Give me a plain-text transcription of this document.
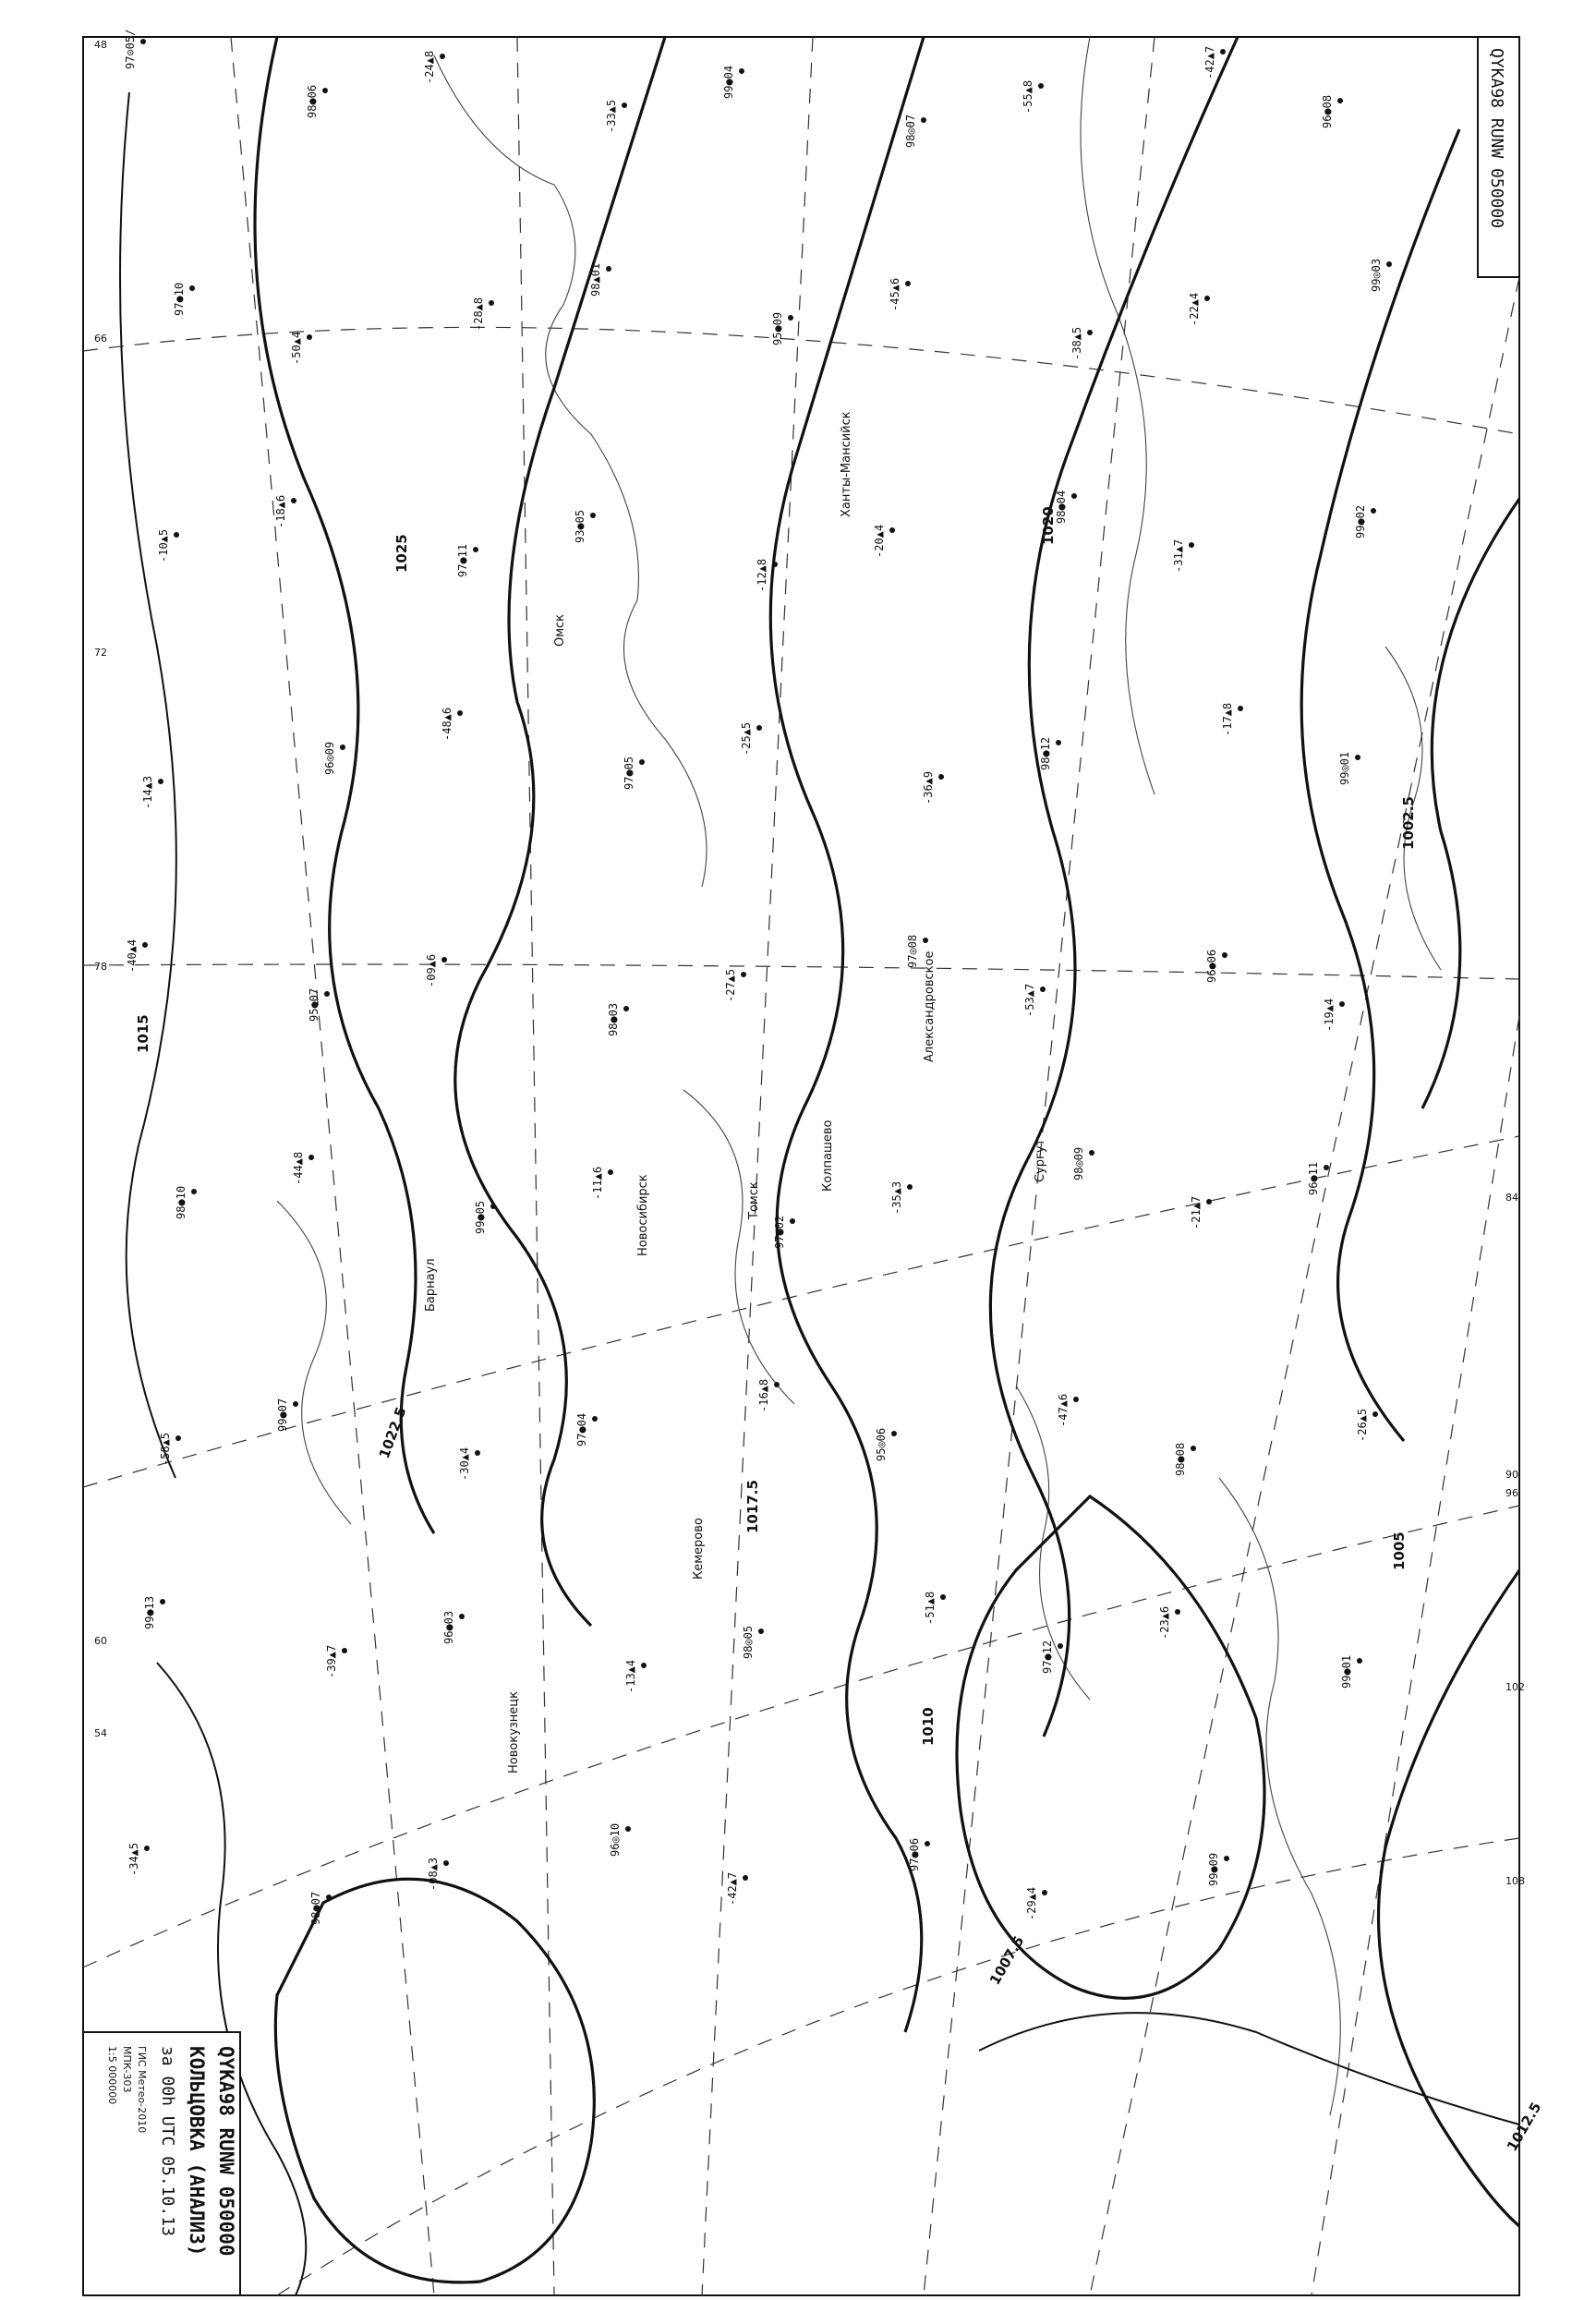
1020
1025
1015
1010
1005
1007.5
1002.5
1017.5
1012.5
1022.5
Александровское
Новосибирск
Барнаул
Омск
Томск
Колпашево
Ханты-Мансийск
Сургут
Кемерово
Новокузнецк
48
66
72
78
84
90
96
102
108
60
54
97⊙05/
98●06
-24▲8
-33▲5
99●04
98◎07
-55▲8
-42▲7
96●08
97●10
-50▲4
-28▲8
98▲01
95●09
-45▲6
-38▲5
-22▲4
99◎03
-10▲5
-18▲6
97●11
93●05
-12▲8
-20▲4
98●04
-31▲7
99●02
-14▲3
96◎09
-48▲6
97●05
-25▲5
-36▲9
98●12
-17▲8
99◎01
-40▲4
95●07
-09▲6
98●03
-27▲5
97◎08
-53▲7
96●06
-19▲4
98●10
-44▲8
99●05
-11▲6
97●02
-35▲3
98◎09
-21▲7
96●11
-58▲5
99●07
-30▲4
97●04
-16▲8
95◎06
-47▲6
98●08
-26▲5
99●13
-39▲7
96●03
-13▲4
98◎05
-51▲8
97●12
-23▲6
99●01
-34▲5
98●07
-08▲3
96◎10
-42▲7
97●06
-29▲4
99●09
QYKA98 RUNW 050000
QYKA98 RUNW 050000
КОЛЬЦОВКА (АНАЛИЗ)
за 00h UTC 05.10.13
ГИС Метео-2010
МПК-303
1:5 000000
